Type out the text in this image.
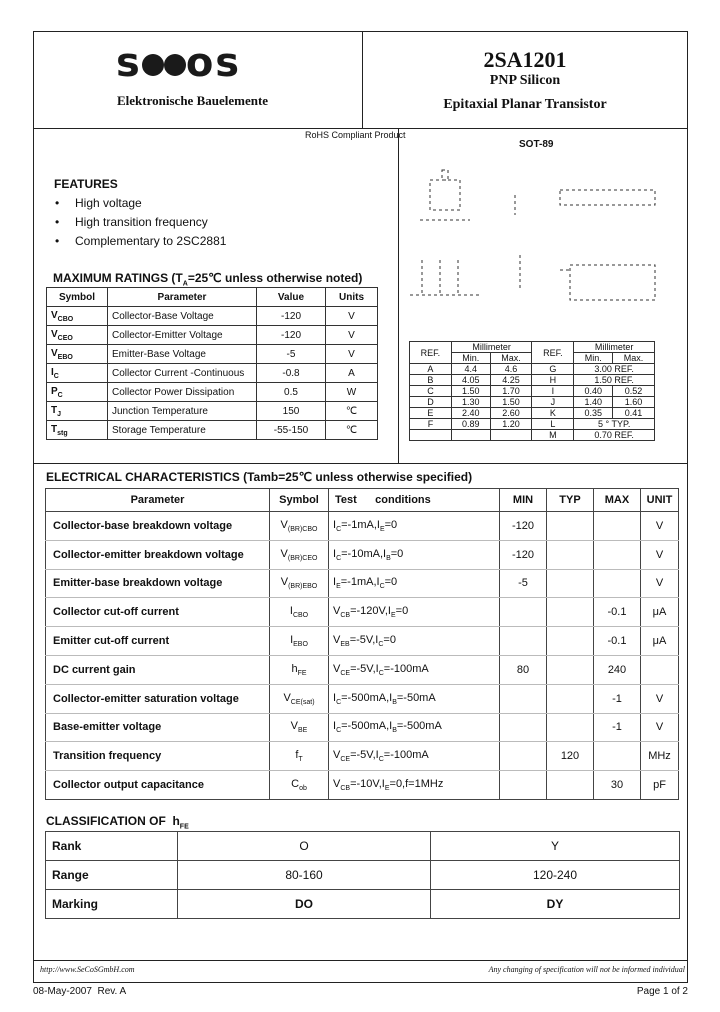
s os
Elektronische Bauelemente
2SA1201
PNP Silicon
Epitaxial Planar Transistor
RoHS Compliant Product
SOT-89
FEATURES
• High voltage
• High transition frequency
• Complementary to 2SC2881
MAXIMUM RATINGS ($T_A=25℃$ unless otherwise noted)
Symbol	Parameter	Value	Units
$V_{CBO}$	Collector-Base Voltage	-120	V
$V_{CEO}$	Collector-Emitter Voltage	-120	V
$V_{EBO}$	Emitter-Base Voltage	-5	V
$I_C$	Collector Current -Continuous	-0.8	A
$P_C$	Collector Power Dissipation	0.5	W
$T_J$	Junction Temperature	150	℃
$T_{stg}$	Storage Temperature	-55-150	℃
REF.	Millimeter		REF.	Millimeter	
	Min.	Max.		Min.	Max.
A	4.4	4.6	G	3.00 REF.	
B	4.05	4.25	H	1.50 REF.	
C	1.50	1.70	I	0.40	0.52
D	1.30	1.50	J	1.40	1.60
E	2.40	2.60	K	0.35	0.41
F	0.89	1.20	L	5 ° TYP.	
			M	0.70 REF.	
ELECTRICAL CHARACTERISTICS (Tamb=25℃ unless otherwise specified)
Parameter	Symbol	Test      conditions	MIN	TYP	MAX	UNIT
Collector-base breakdown voltage	$V_{(BR)CBO}$	$I_C=-1mA,I_E=0$	-120			V
Collector-emitter breakdown voltage	$V_{(BR)CEO}$	$I_C=-10mA,I_B=0$	-120			V
Emitter-base breakdown voltage	$V_{(BR)EBO}$	$I_E=-1mA,I_C=0$	-5			V
Collector cut-off current	$I_{CBO}$	$V_{CB}=-120V,I_E=0$			-0.1	μA
Emitter cut-off current	$I_{EBO}$	$V_{EB}=-5V,I_C=0$			-0.1	μA
DC current gain	$h_{FE}$	$V_{CE}=-5V,I_C=-100mA$	80		240	
Collector-emitter saturation voltage	$V_{CE(sat)}$	$I_C=-500mA,I_B=-50mA$			-1	V
Base-emitter voltage	$V_{BE}$	$I_C=-500mA,I_B=-500mA$			-1	V
Transition frequency	$f_T$	$V_{CE}=-5V,I_C=-100mA$		120		MHz
Collector output capacitance	$C_{ob}$	$V_{CB}=-10V,I_E=0,f=1MHz$			30	pF
CLASSIFICATION OF $h_{FE}$
Rank	O	Y
Range	80-160	120-240
Marking	DO	DY
http://www.SeCoSGmbH.com	Any changing of specification will not be informed individual
08-May-2007  Rev. A	Page 1 of 2
